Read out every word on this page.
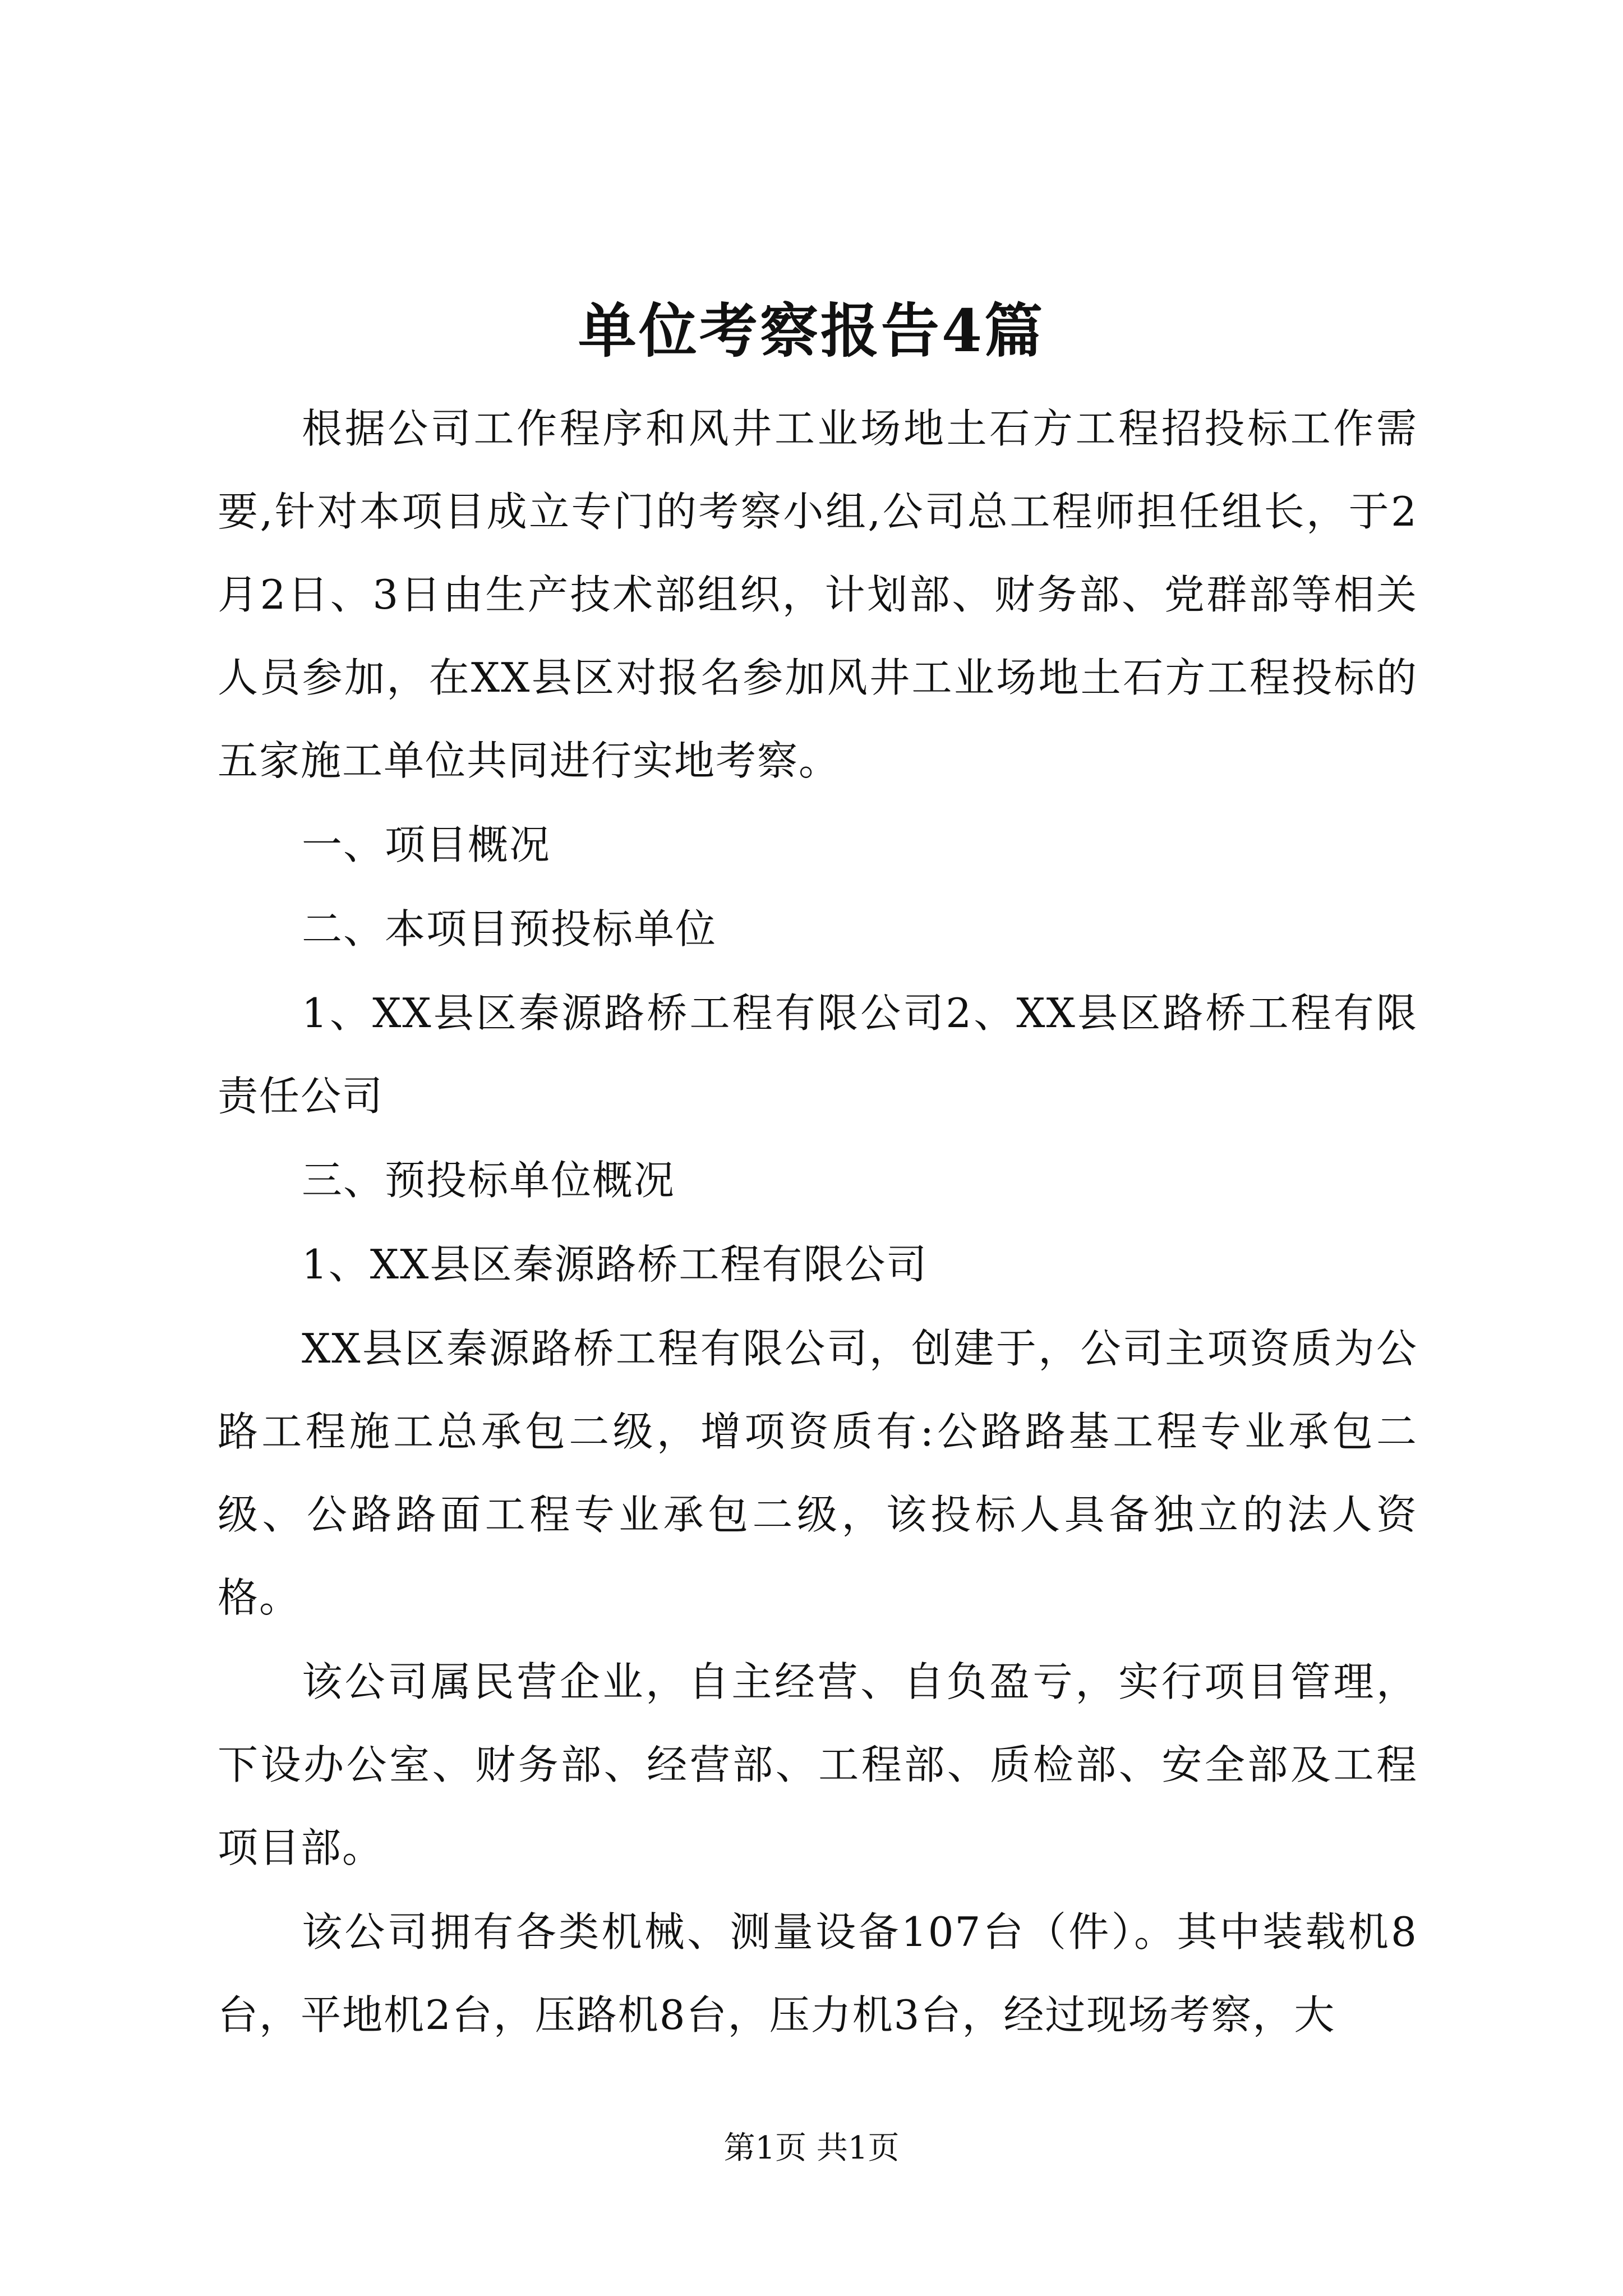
单位考察报告4篇

根据公司工作程序和风井工业场地土石方工程招投标工作需要,针对本项目成立专门的考察小组,公司总工程师担任组长，于2月2日、3日由生产技术部组织，计划部、财务部、党群部等相关人员参加，在XX县区对报名参加风井工业场地土石方工程投标的五家施工单位共同进行实地考察。

一、项目概况

二、本项目预投标单位

1、XX县区秦源路桥工程有限公司2、XX县区路桥工程有限责任公司

三、预投标单位概况

1、XX县区秦源路桥工程有限公司

XX县区秦源路桥工程有限公司，创建于，公司主项资质为公路工程施工总承包二级，增项资质有:公路路基工程专业承包二级、公路路面工程专业承包二级，该投标人具备独立的法人资格。

该公司属民营企业，自主经营、自负盈亏，实行项目管理，下设办公室、财务部、经营部、工程部、质检部、安全部及工程项目部。

该公司拥有各类机械、测量设备107台（件）。其中装载机8台，平地机2台，压路机8台，压力机3台，经过现场考察，大

第1页 共1页
